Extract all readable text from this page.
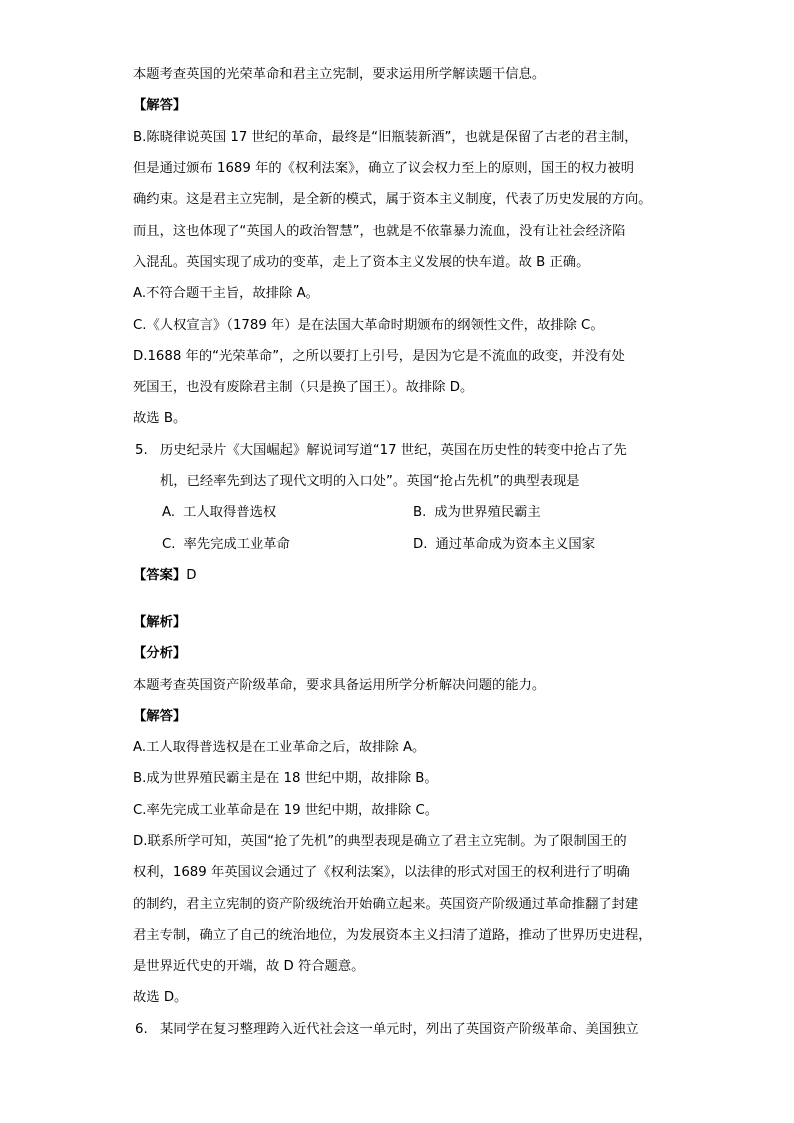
本题考查英国的光荣革命和君主立宪制，要求运用所学解读题干信息。
【解答】
B.陈晓律说英国 17 世纪的革命，最终是“旧瓶装新酒”，也就是保留了古老的君主制，
但是通过颁布 1689 年的《权利法案》，确立了议会权力至上的原则，国王的权力被明
确约束。这是君主立宪制，是全新的模式，属于资本主义制度，代表了历史发展的方向。
而且，这也体现了“英国人的政治智慧”，也就是不依靠暴力流血，没有让社会经济陷
入混乱。英国实现了成功的变革，走上了资本主义发展的快车道。故 B 正确。
A.不符合题干主旨，故排除 A。
C.《人权宣言》（1789 年）是在法国大革命时期颁布的纲领性文件，故排除 C。
D.1688 年的“光荣革命”，之所以要打上引号，是因为它是不流血的政变，并没有处
死国王，也没有废除君主制（只是换了国王）。故排除 D。
故选 B。
5. 历史纪录片《大国崛起》解说词写道“17 世纪，英国在历史性的转变中抢占了先
机，已经率先到达了现代文明的入口处”。英国“抢占先机”的典型表现是
A. 工人取得普选权	B. 成为世界殖民霸主
C. 率先完成工业革命	D. 通过革命成为资本主义国家
【答案】D
【解析】
【分析】
本题考查英国资产阶级革命，要求具备运用所学分析解决问题的能力。
【解答】
A.工人取得普选权是在工业革命之后，故排除 A。
B.成为世界殖民霸主是在 18 世纪中期，故排除 B。
C.率先完成工业革命是在 19 世纪中期，故排除 C。
D.联系所学可知，英国“抢了先机”的典型表现是确立了君主立宪制。为了限制国王的
权利，1689 年英国议会通过了《权利法案》，以法律的形式对国王的权利进行了明确
的制约，君主立宪制的资产阶级统治开始确立起来。英国资产阶级通过革命推翻了封建
君主专制，确立了自己的统治地位，为发展资本主义扫清了道路，推动了世界历史进程，
是世界近代史的开端，故 D 符合题意。
故选 D。
6. 某同学在复习整理跨入近代社会这一单元时，列出了英国资产阶级革命、美国独立
